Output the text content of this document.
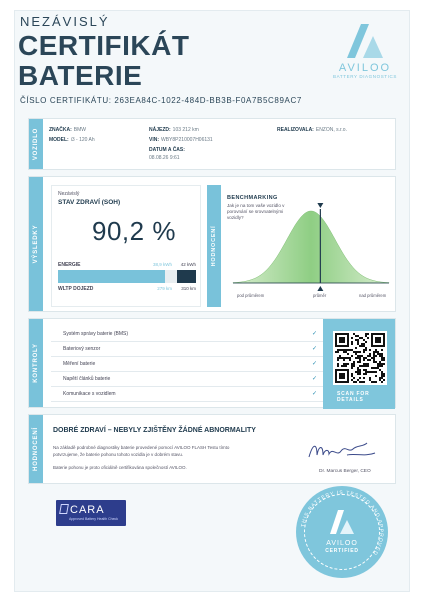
NEZÁVISLÝ
CERTIFIKÁT
BATERIE
ČÍSLO CERTIFIKÁTU: 263EA84C-1022-484D-BB3B-F0A7B5C89AC7
AVILOO
BATTERY DIAGNOSTICS
VOZIDLO ZNAČKA: BMW
MODEL: i3 - 120 Ah
NÁJEZD: 103 212 km
VIN: WBY8P210007H06131
DATUM A ČAS:
08.08.26 9:61
REALIZOVALA: ENZON, s.r.o.
VÝSLEDKY
Nezávislý
STAV ZDRAVÍ (SOH)
90,2 %
ENERGIE	38,9 kWh 42 kWh
WLTP DOJEZD	279 km 310 km
HODNOCENÍ
BENCHMARKING
Jak je na tom vaše vozidlo v porovnání se srovnatelnými vozidly?
pod průměrem	průměr	nad průměrem
KONTROLY
Systém správy baterie (BMS)	✓
Bateriový senzor	✓
Měření baterie	✓
Napětí článků baterie	✓
Komunikace s vozidlem	✓	SCAN FOR DETAILS
HODNOCENÍ DOBRÉ ZDRAVÍ – NEBYLY ZJIŠTĚNY ŽÁDNÉ ABNORMALITY
Na základě podrobné diagnostiky baterie provedené pomocí AVILOO FLASH Testu tímto potvrzujeme, že baterie pohonu tohoto vozidla je v dobrém stavu.
Baterie pohonu je proto oficiálně certifikována společností AVILOO.
Dr. Marcus Berger, CEO
CARA
Approved Battery Health Check
THIS BATTERY IS TESTED AND APPROVED
AVILOO
CERTIFIED
